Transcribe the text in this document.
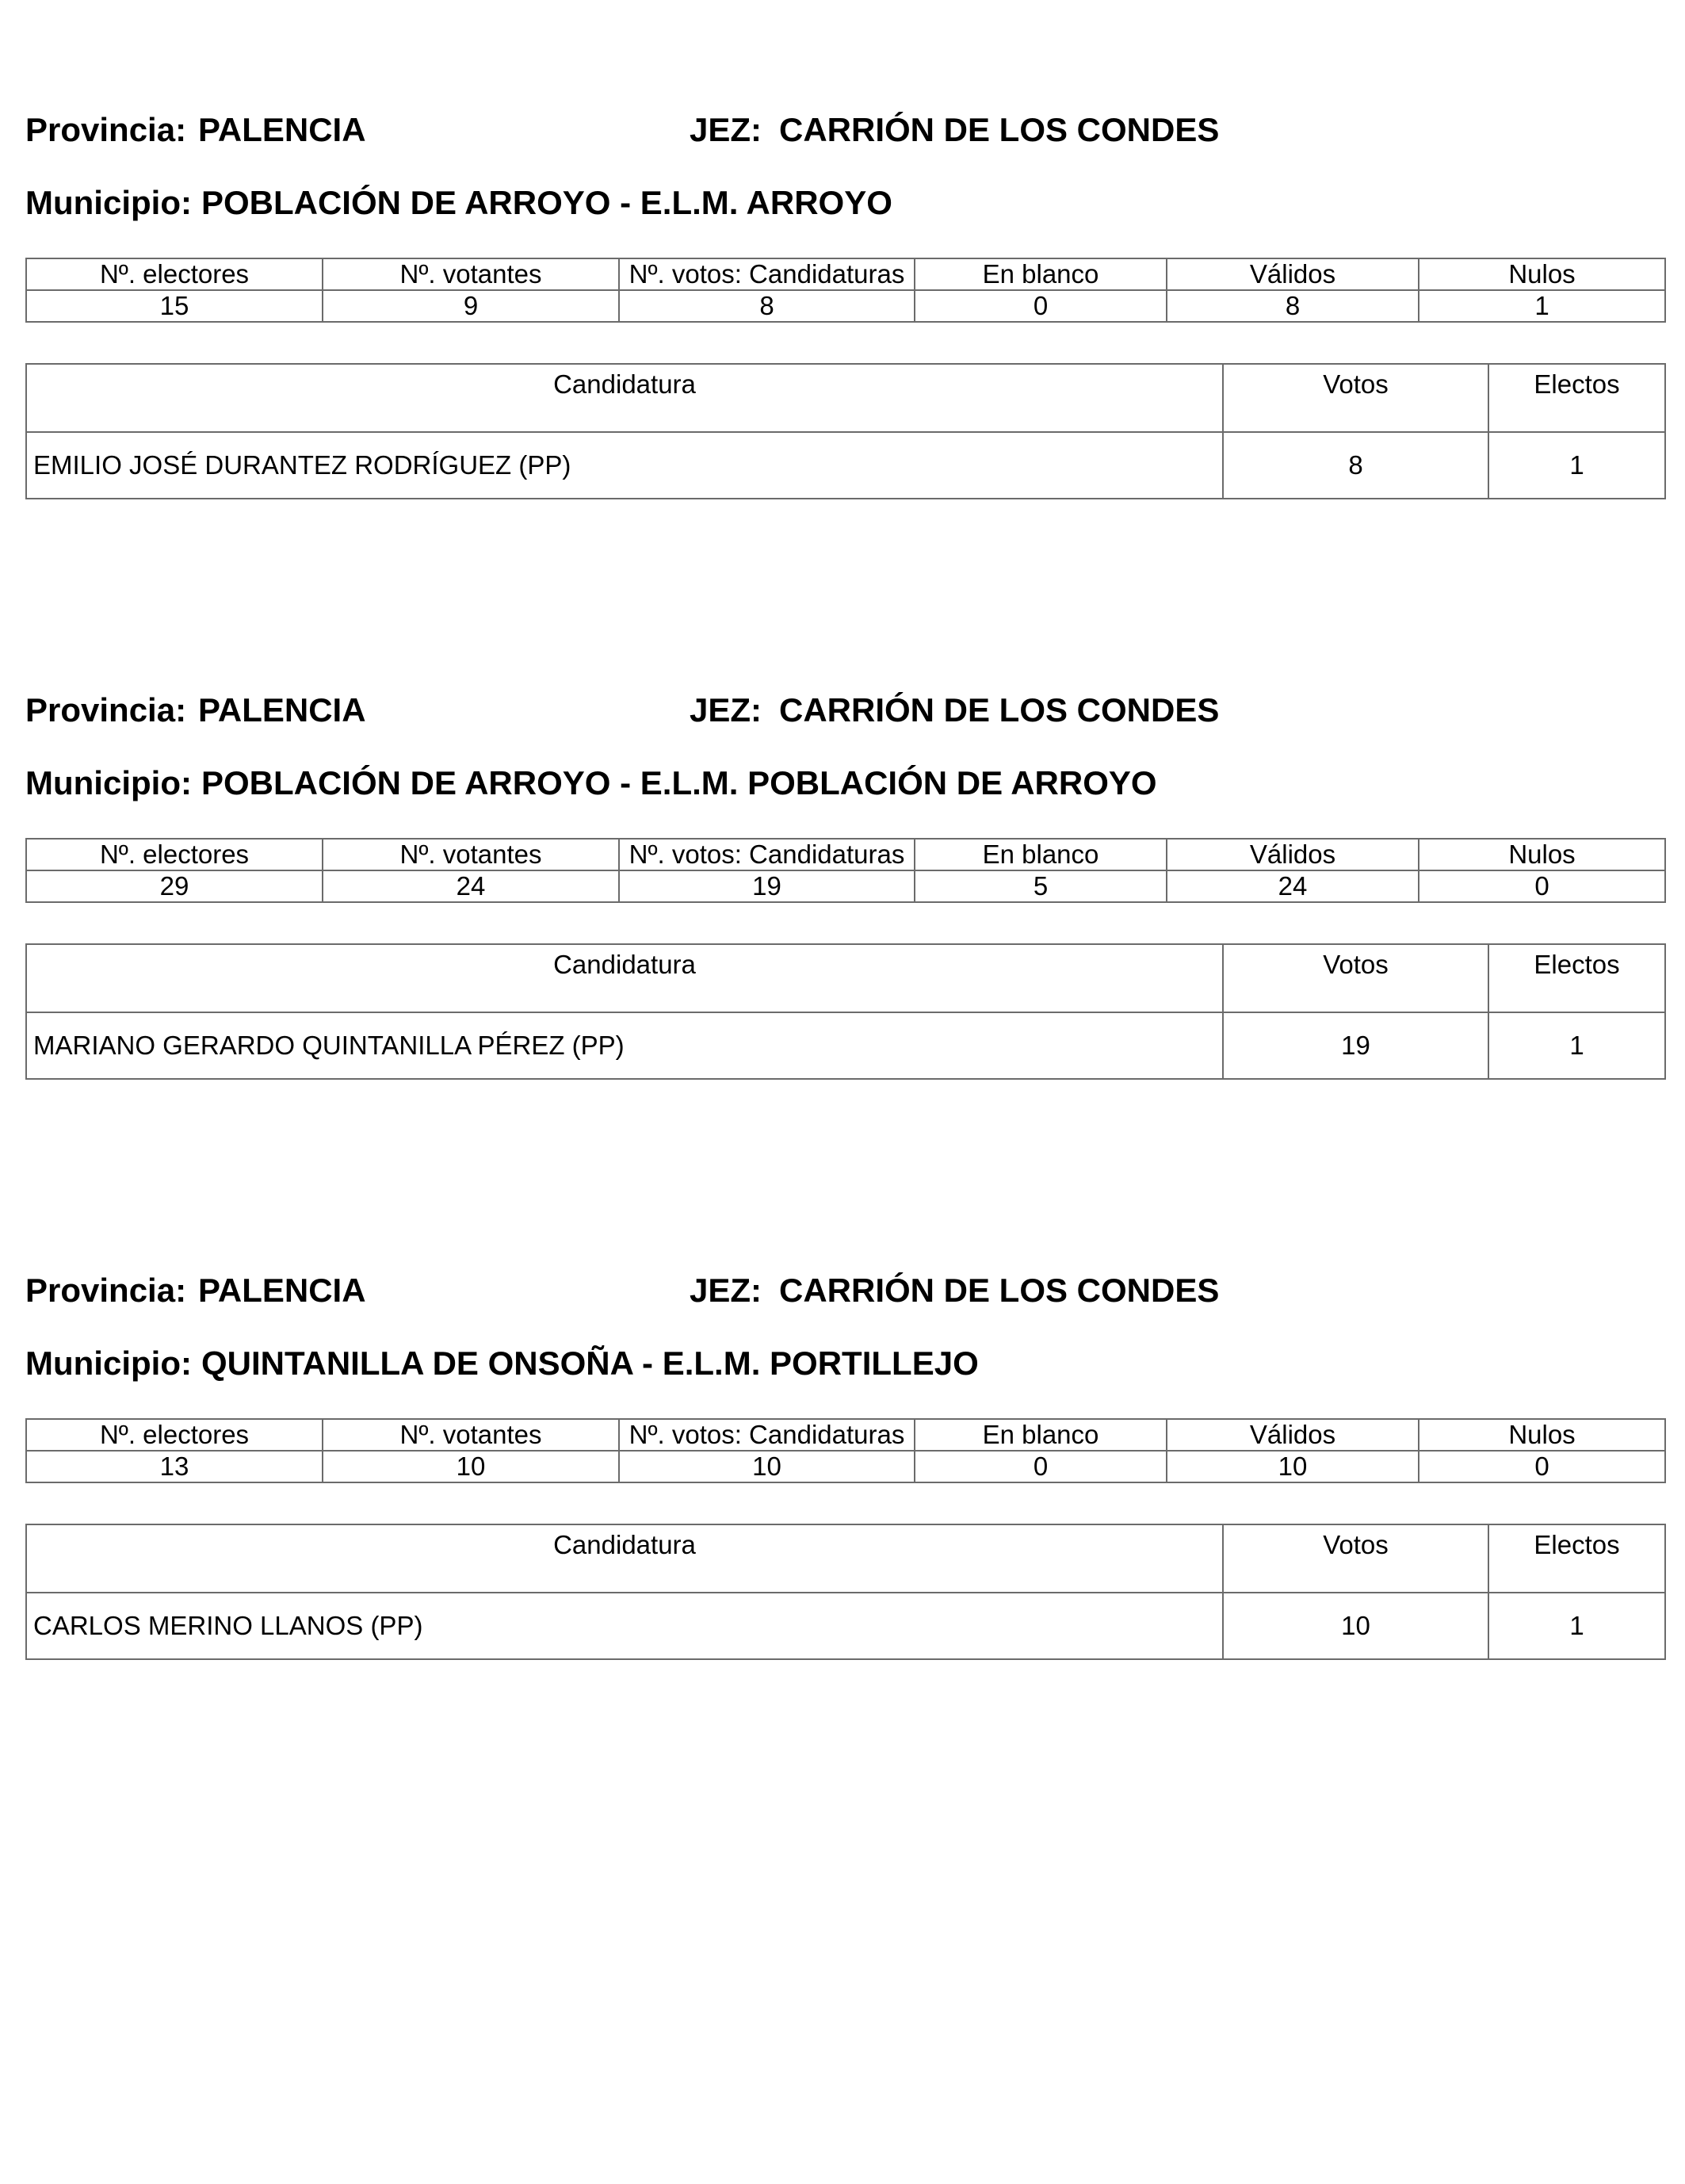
Provincia: PALENCIA	JEZ: CARRIÓN DE LOS CONDES
Municipio: POBLACIÓN DE ARROYO - E.L.M. ARROYO
Nº. electores	Nº. votantes	Nº. votos: Candidaturas	En blanco	Válidos	Nulos
15	9	8	0	8	1
Candidatura	Votos	Electos
EMILIO JOSÉ DURANTEZ RODRÍGUEZ (PP)	8	1
Provincia: PALENCIA	JEZ: CARRIÓN DE LOS CONDES
Municipio: POBLACIÓN DE ARROYO - E.L.M. POBLACIÓN DE ARROYO
Nº. electores	Nº. votantes	Nº. votos: Candidaturas	En blanco	Válidos	Nulos
29	24	19	5	24	0
Candidatura	Votos	Electos
MARIANO GERARDO QUINTANILLA PÉREZ (PP)	19	1
Provincia: PALENCIA	JEZ: CARRIÓN DE LOS CONDES
Municipio: QUINTANILLA DE ONSOÑA - E.L.M. PORTILLEJO
Nº. electores	Nº. votantes	Nº. votos: Candidaturas	En blanco	Válidos	Nulos
13	10	10	0	10	0
Candidatura	Votos	Electos
CARLOS MERINO LLANOS (PP)	10	1
